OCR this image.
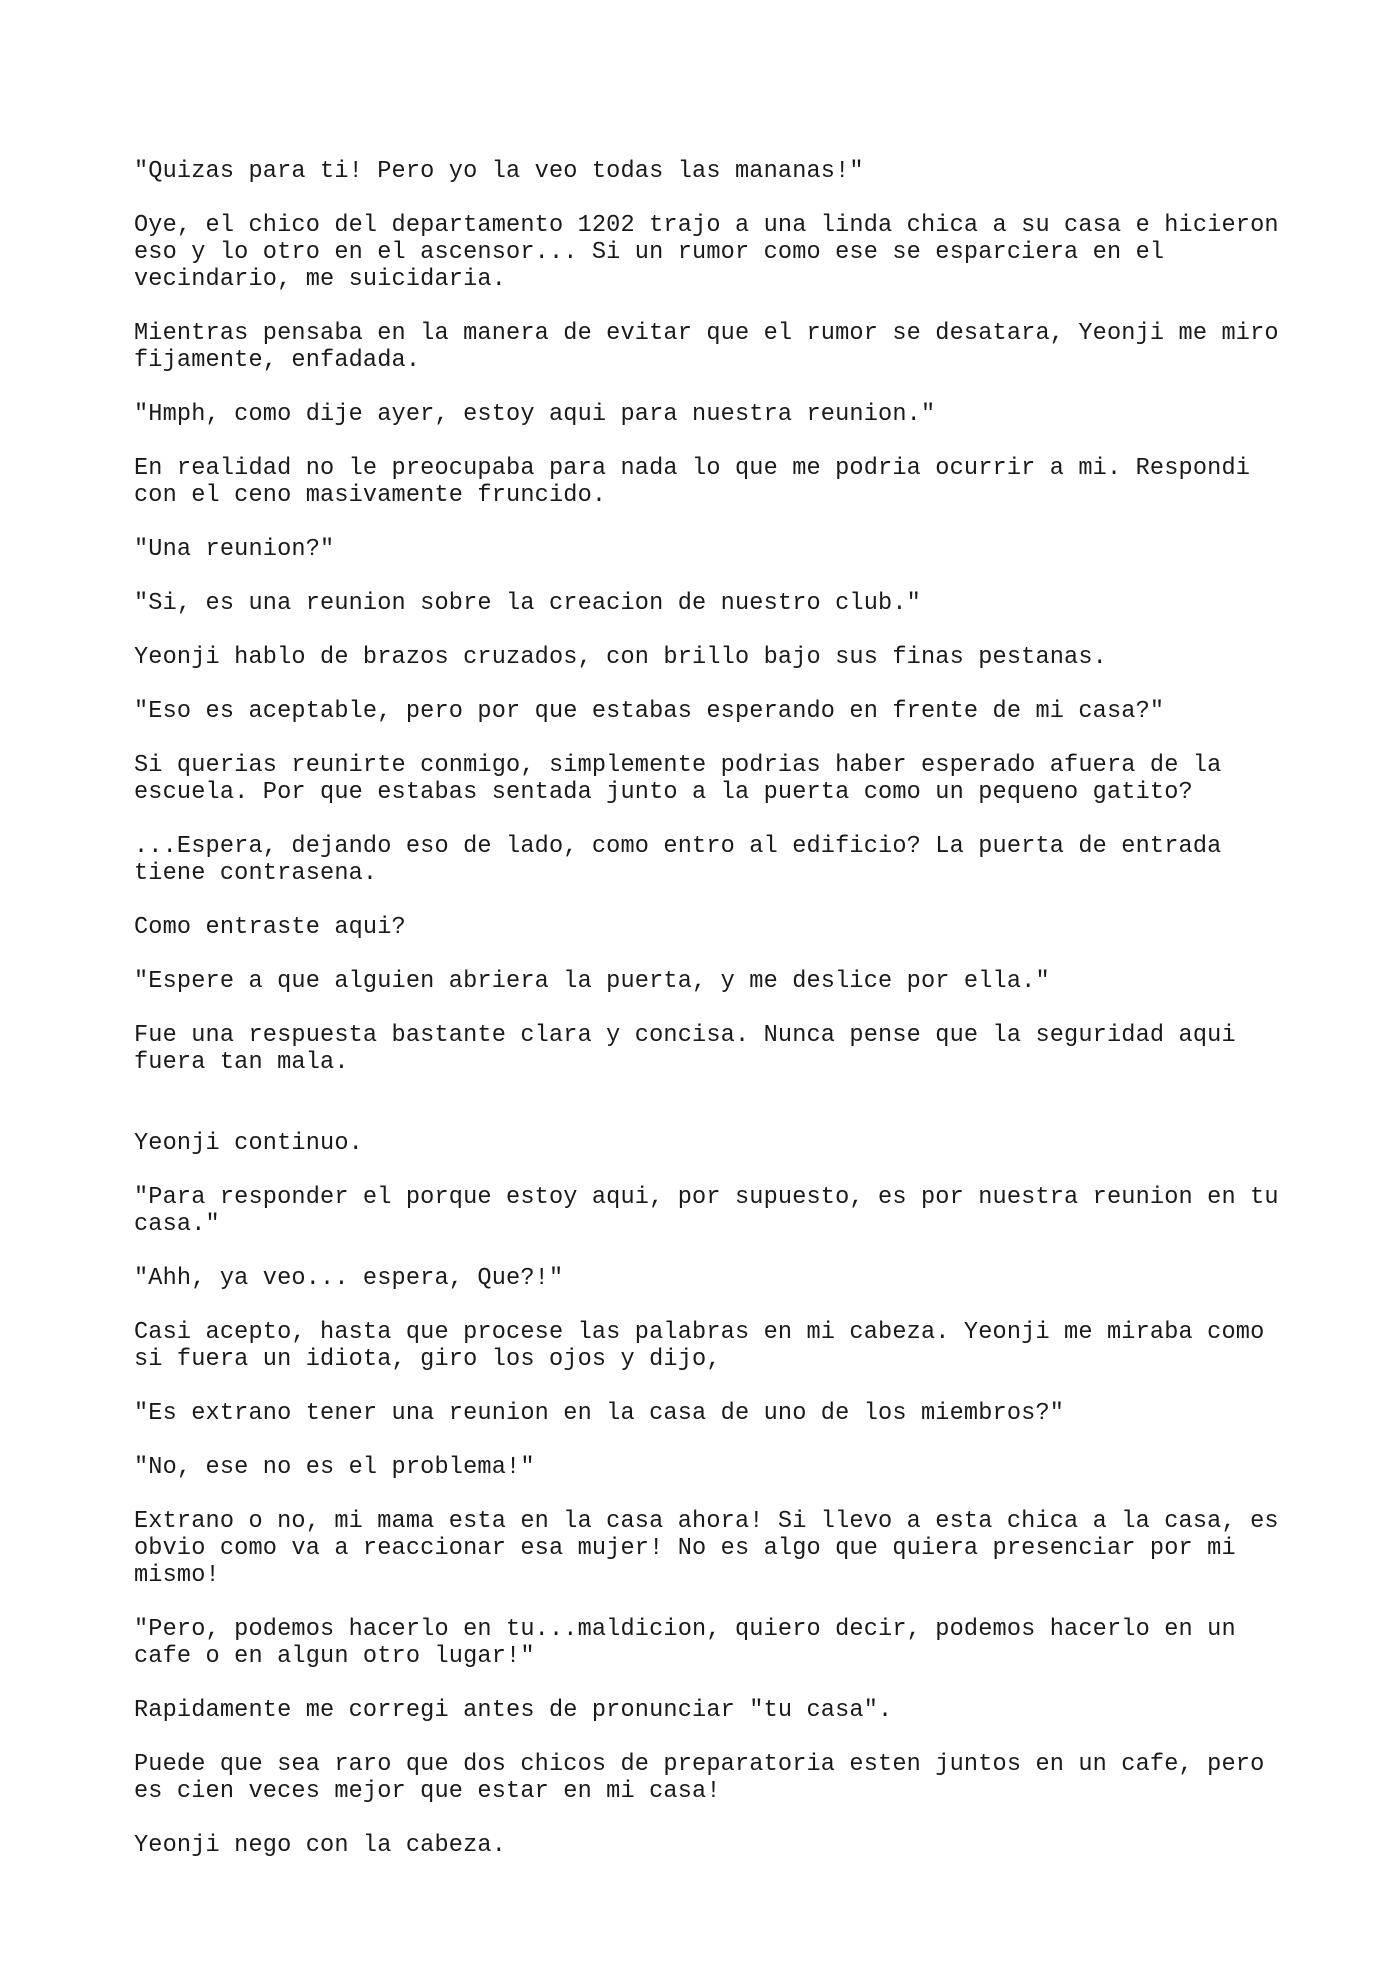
"Quizas para ti! Pero yo la veo todas las mananas!"

Oye, el chico del departamento 1202 trajo a una linda chica a su casa e hicieron
eso y lo otro en el ascensor... Si un rumor como ese se esparciera en el
vecindario, me suicidaria.

Mientras pensaba en la manera de evitar que el rumor se desatara, Yeonji me miro
fijamente, enfadada.

"Hmph, como dije ayer, estoy aqui para nuestra reunion."

En realidad no le preocupaba para nada lo que me podria ocurrir a mi. Respondi
con el ceno masivamente fruncido.

"Una reunion?"

"Si, es una reunion sobre la creacion de nuestro club."

Yeonji hablo de brazos cruzados, con brillo bajo sus finas pestanas.

"Eso es aceptable, pero por que estabas esperando en frente de mi casa?"

Si querias reunirte conmigo, simplemente podrias haber esperado afuera de la
escuela. Por que estabas sentada junto a la puerta como un pequeno gatito?

...Espera, dejando eso de lado, como entro al edificio? La puerta de entrada
tiene contrasena.

Como entraste aqui?

"Espere a que alguien abriera la puerta, y me deslice por ella."

Fue una respuesta bastante clara y concisa. Nunca pense que la seguridad aqui
fuera tan mala.

Yeonji continuo.

"Para responder el porque estoy aqui, por supuesto, es por nuestra reunion en tu
casa."

"Ahh, ya veo... espera, Que?!"

Casi acepto, hasta que procese las palabras en mi cabeza. Yeonji me miraba como
si fuera un idiota, giro los ojos y dijo,

"Es extrano tener una reunion en la casa de uno de los miembros?"

"No, ese no es el problema!"

Extrano o no, mi mama esta en la casa ahora! Si llevo a esta chica a la casa, es
obvio como va a reaccionar esa mujer! No es algo que quiera presenciar por mi
mismo!

"Pero, podemos hacerlo en tu...maldicion, quiero decir, podemos hacerlo en un
cafe o en algun otro lugar!"

Rapidamente me corregi antes de pronunciar "tu casa".

Puede que sea raro que dos chicos de preparatoria esten juntos en un cafe, pero
es cien veces mejor que estar en mi casa!

Yeonji nego con la cabeza.
